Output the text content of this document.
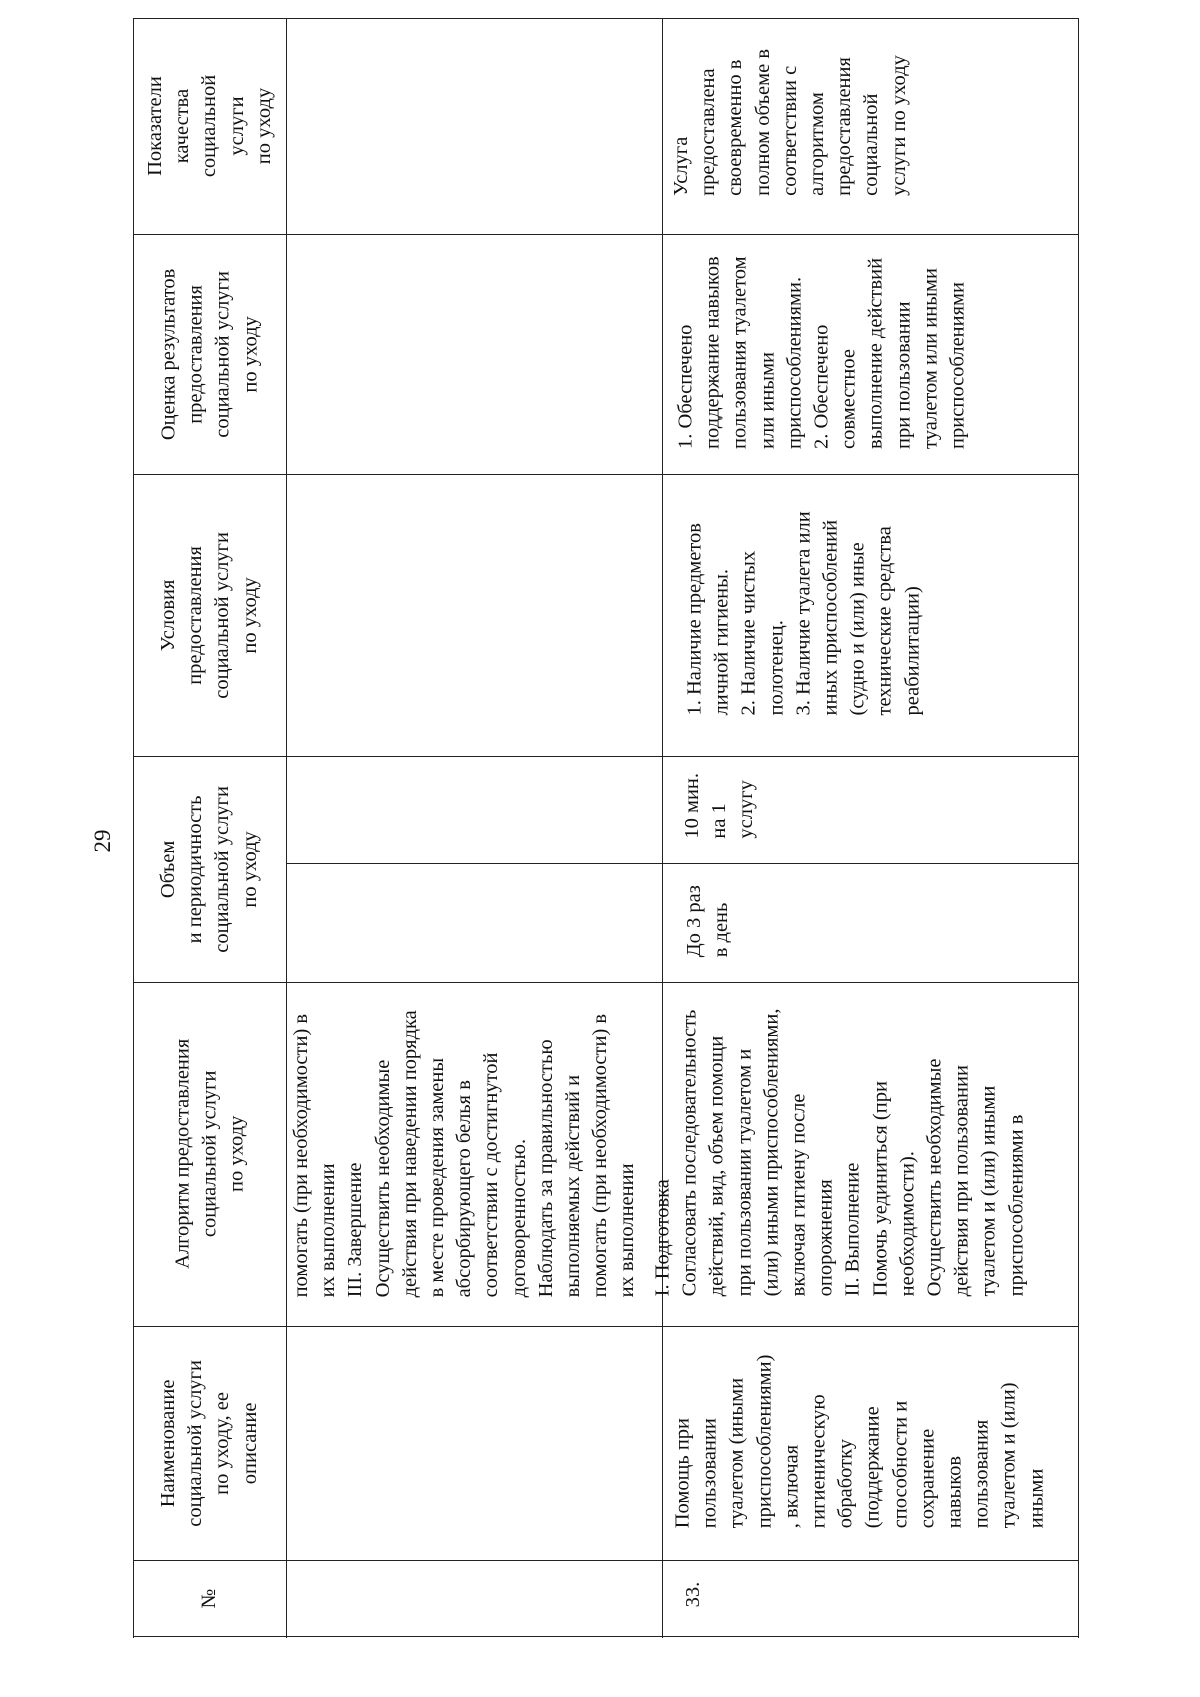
29
№
Наименование
социальной услуги
по уходу, ее
описание
Алгоритм предоставления
социальной услуги
по уходу
Объем
и периодичность
социальной услуги
по уходу
Условия
предоставления
социальной услуги
по уходу
Оценка результатов
предоставления
социальной услуги
по уходу
Показатели
качества
социальной
услуги
по уходу
помогать (при необходимости) в
их выполнении
III. Завершение
Осуществить необходимые
действия при наведении порядка
в месте проведения замены
абсорбирующего белья в
соответствии с достигнутой
договоренностью.
Наблюдать за правильностью
выполняемых действий и
помогать (при необходимости) в
их выполнении
33.
Помощь при
пользовании
туалетом (иными
приспособлениями)
, включая
гигиеническую
обработку
(поддержание
способности и
сохранение
навыков
пользования
туалетом и (или)
иными
I. Подготовка
Согласовать последовательность
действий, вид, объем помощи
при пользовании туалетом и
(или) иными приспособлениями,
включая гигиену после
опорожнения
II. Выполнение
Помочь уединиться (при
необходимости).
Осуществить необходимые
действия при пользовании
туалетом и (или) иными
приспособлениями в
До 3 раз
в день
10 мин.
на 1
услугу
1. Наличие предметов
личной гигиены.
2. Наличие чистых
полотенец.
3. Наличие туалета или
иных приспособлений
(судно и (или) иные
технические средства
реабилитации)
1. Обеспечено
поддержание навыков
пользования туалетом
или иными
приспособлениями.
2. Обеспечено
совместное
выполнение действий
при пользовании
туалетом или иными
приспособлениями
Услуга
предоставлена
своевременно в
полном объеме в
соответствии с
алгоритмом
предоставления
социальной
услуги по уходу
